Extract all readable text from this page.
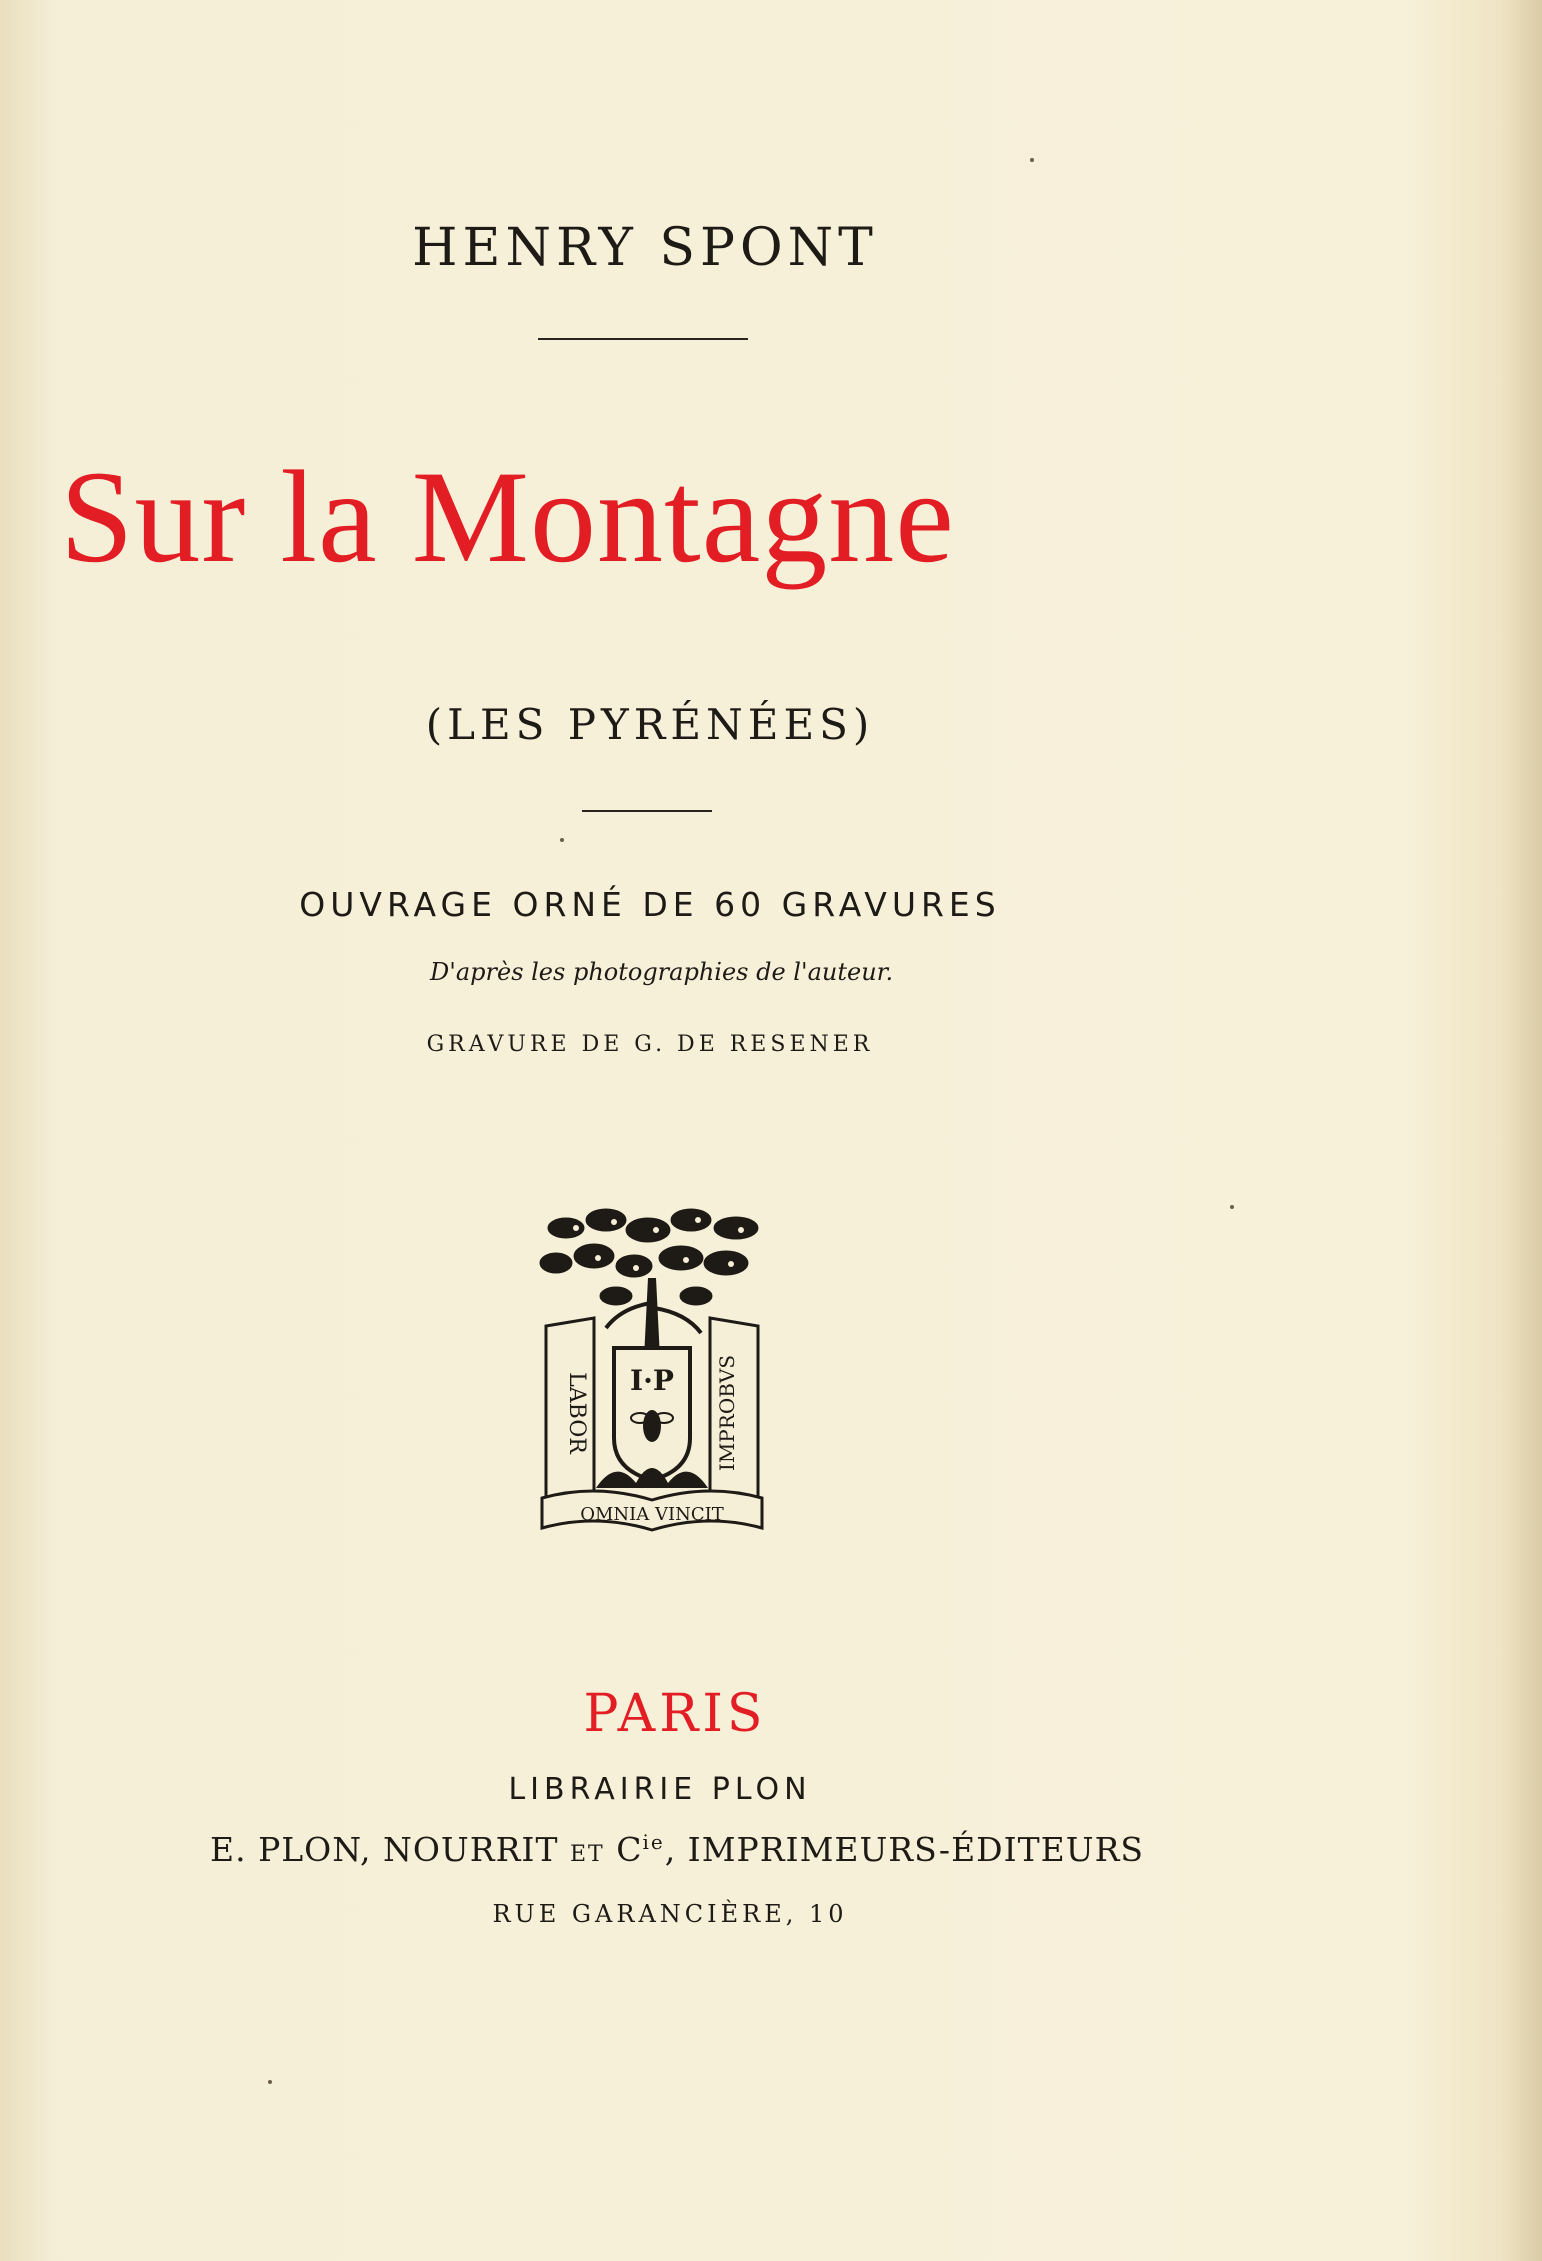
HENRY SPONT
Sur la Montagne
(LES PYRÉNÉES)
OUVRAGE ORNÉ DE 60 GRAVURES
D'après les photographies de l'auteur.
GRAVURE DE G. DE RESENER
LABOR	IMPROBVS
OMNIA VINCIT
I·P
PARIS
LIBRAIRIE PLON
E. PLON, NOURRIT ET $C^{ie}$, IMPRIMEURS-ÉDITEURS
RUE GARANCIÈRE, 10
